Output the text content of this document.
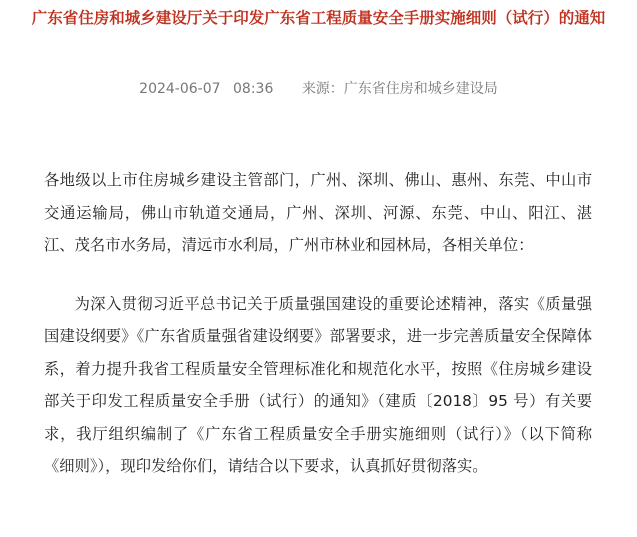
广东省住房和城乡建设厅关于印发广东省工程质量安全手册实施细则（试行）的通知
2024-06-07 08:36 来源：广东省住房和城乡建设局

各地级以上市住房城乡建设主管部门，广州、深圳、佛山、惠州、东莞、中山市交通运输局，佛山市轨道交通局，广州、深圳、河源、东莞、中山、阳江、湛江、茂名市水务局，清远市水利局，广州市林业和园林局，各相关单位：

为深入贯彻习近平总书记关于质量强国建设的重要论述精神，落实《质量强国建设纲要》《广东省质量强省建设纲要》部署要求，进一步完善质量安全保障体系，着力提升我省工程质量安全管理标准化和规范化水平，按照《住房城乡建设部关于印发工程质量安全手册（试行）的通知》（建质〔2018〕95 号）有关要求，我厅组织编制了《广东省工程质量安全手册实施细则（试行）》（以下简称《细则》），现印发给你们，请结合以下要求，认真抓好贯彻落实。
